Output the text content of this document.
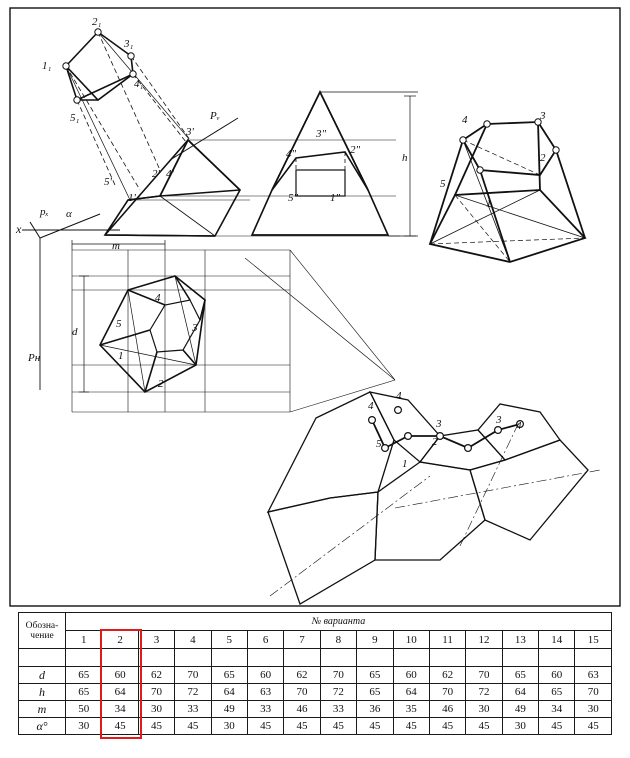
2₁
3₁
4₁
1₁
5₁
3'
2' 4'
5'
1'
3"
4"	2"
5"	1"
5
1
2
3
4
4	3
2
5
1
4
4
3	3 4
5	2
1
x
pₓ
Pᵥ
Pн
α
h
m
d
Обозна-
чение	№ варианта														
	1	2	3	4	5	6	7	8	9	10	11	12	13	14	15

d	65	60	62	70	65	60	62	70	65	60	62	70	65	60	63
h	65	64	70	72	64	63	70	72	65	64	70	72	64	65	70
m	50	34	30	33	49	33	46	33	36	35	46	30	49	34	30
α°	30	45	45	45	30	45	45	45	45	45	45	45	30	45	45
